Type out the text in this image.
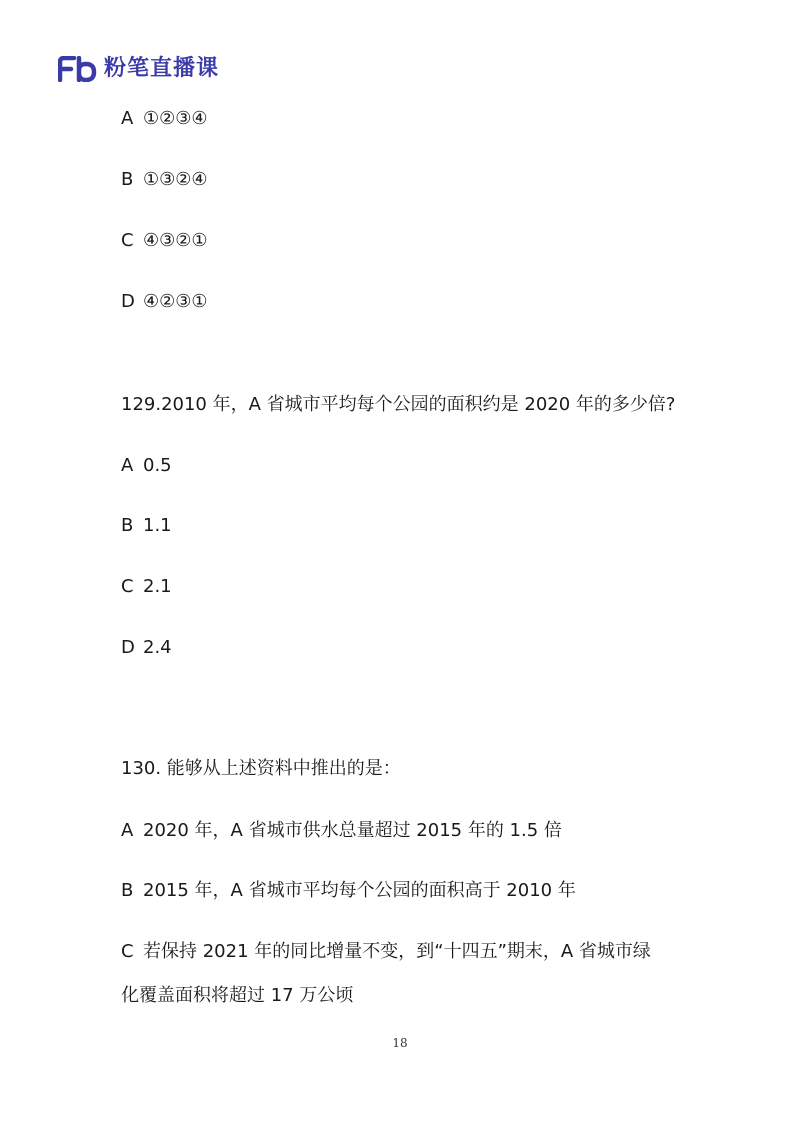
粉笔直播课
A ①②③④
B ①③②④
C ④③②①
D ④②③①
129.2010 年，A 省城市平均每个公园的面积约是 2020 年的多少倍?
A 0.5
B 1.1
C 2.1
D 2.4
130. 能够从上述资料中推出的是：
A 2020 年，A 省城市供水总量超过 2015 年的 1.5 倍
B 2015 年，A 省城市平均每个公园的面积高于 2010 年
C 若保持 2021 年的同比增量不变，到“十四五”期末，A 省城市绿
化覆盖面积将超过 17 万公顷
18
